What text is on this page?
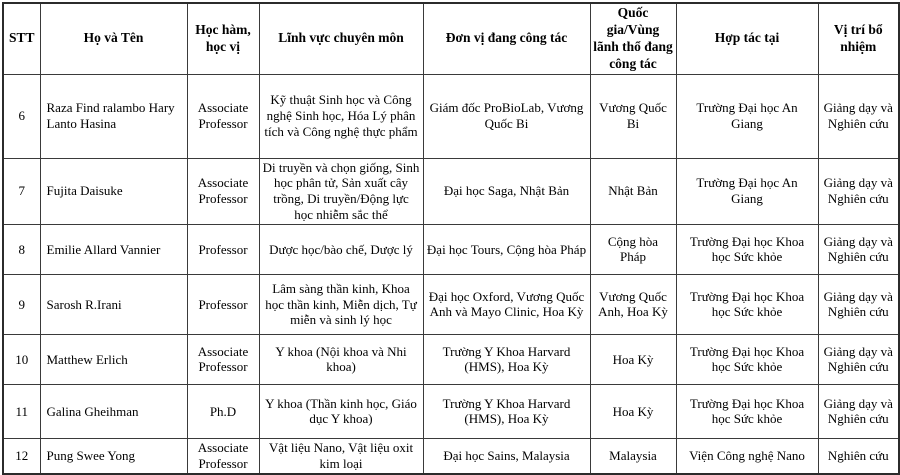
STT	Họ và Tên	Học hàm, học vị	Lĩnh vực chuyên môn	Đơn vị đang công tác	Quốc gia/Vùng lãnh thổ đang công tác	Hợp tác tại	Vị trí bổ nhiệm
6	Raza Find ralambo Hary Lanto Hasina	Associate Professor	Kỹ thuật Sinh học và Công nghệ Sinh học, Hóa Lý phân tích và Công nghệ thực phẩm	Giám đốc ProBioLab, Vương Quốc Bi	Vương Quốc Bi	Trường Đại học An Giang	Giảng dạy và Nghiên cứu
7	Fujita Daisuke	Associate Professor	Di truyền và chọn giống, Sinh học phân tử, Sản xuất cây trồng, Di truyền/Động lực học nhiễm sắc thể	Đại học Saga, Nhật Bản	Nhật Bản	Trường Đại học An Giang	Giảng dạy và Nghiên cứu
8	Emilie Allard Vannier	Professor	Dược học/bào chế, Dược lý	Đại học Tours, Cộng hòa Pháp	Cộng hòa Pháp	Trường Đại học Khoa học Sức khỏe	Giảng dạy và Nghiên cứu
9	Sarosh R.Irani	Professor	Lâm sàng thần kinh, Khoa học thần kinh, Miễn dịch, Tự miễn và sinh lý học	Đại học Oxford, Vương Quốc Anh và Mayo Clinic, Hoa Kỳ	Vương Quốc Anh, Hoa Kỳ	Trường Đại học Khoa học Sức khỏe	Giảng dạy và Nghiên cứu
10	Matthew Erlich	Associate Professor	Y khoa (Nội khoa và Nhi khoa)	Trường Y Khoa Harvard (HMS), Hoa Kỳ	Hoa Kỳ	Trường Đại học Khoa học Sức khỏe	Giảng dạy và Nghiên cứu
11	Galina Gheihman	Ph.D	Y khoa (Thần kinh học, Giáo dục Y khoa)	Trường Y Khoa Harvard (HMS), Hoa Kỳ	Hoa Kỳ	Trường Đại học Khoa học Sức khỏe	Giảng dạy và Nghiên cứu
12	Pung Swee Yong	Associate Professor	Vật liệu Nano, Vật liệu oxit kim loại	Đại học Sains, Malaysia	Malaysia	Viện Công nghệ Nano	Nghiên cứu
